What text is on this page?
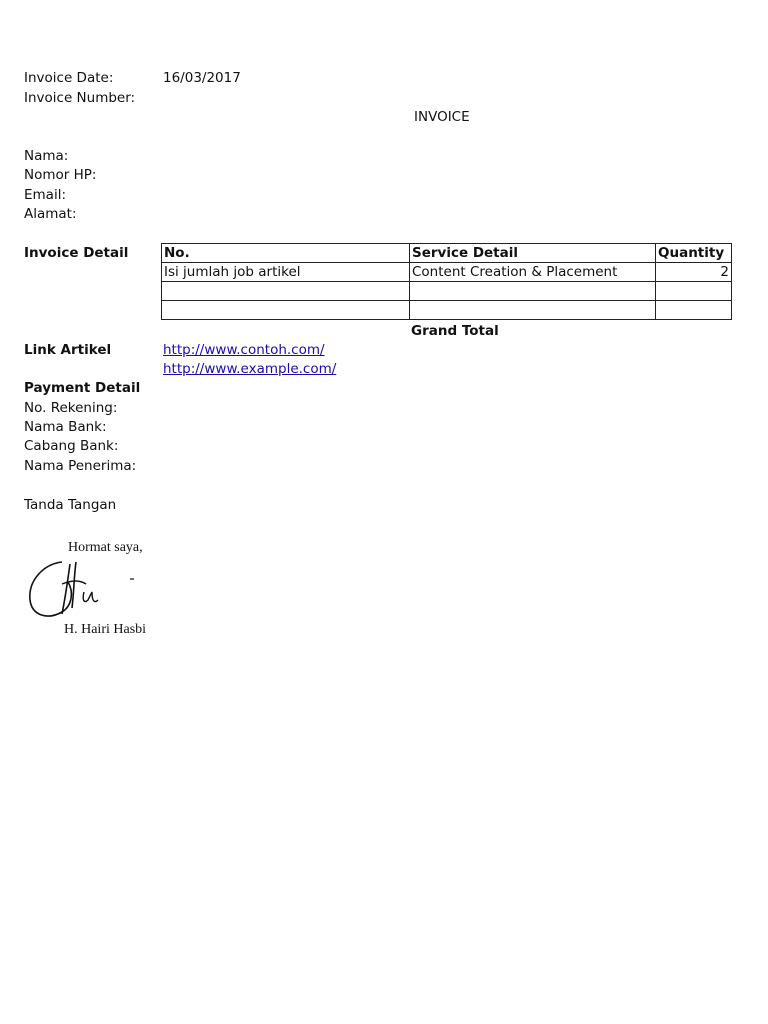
Invoice Date:	16/03/2017
Invoice Number:
INVOICE
Nama:
Nomor HP:
Email:
Alamat:
Invoice Detail	No.	Service Detail	Quantity
Isi jumlah job artikel	Content Creation & Placement	2

Grand Total
Link Artikel	http://www.contoh.com/
http://www.example.com/
Payment Detail
No. Rekening:
Nama Bank:
Cabang Bank:
Nama Penerima:
Tanda Tangan
Hormat saya,
H. Hairi Hasbi
